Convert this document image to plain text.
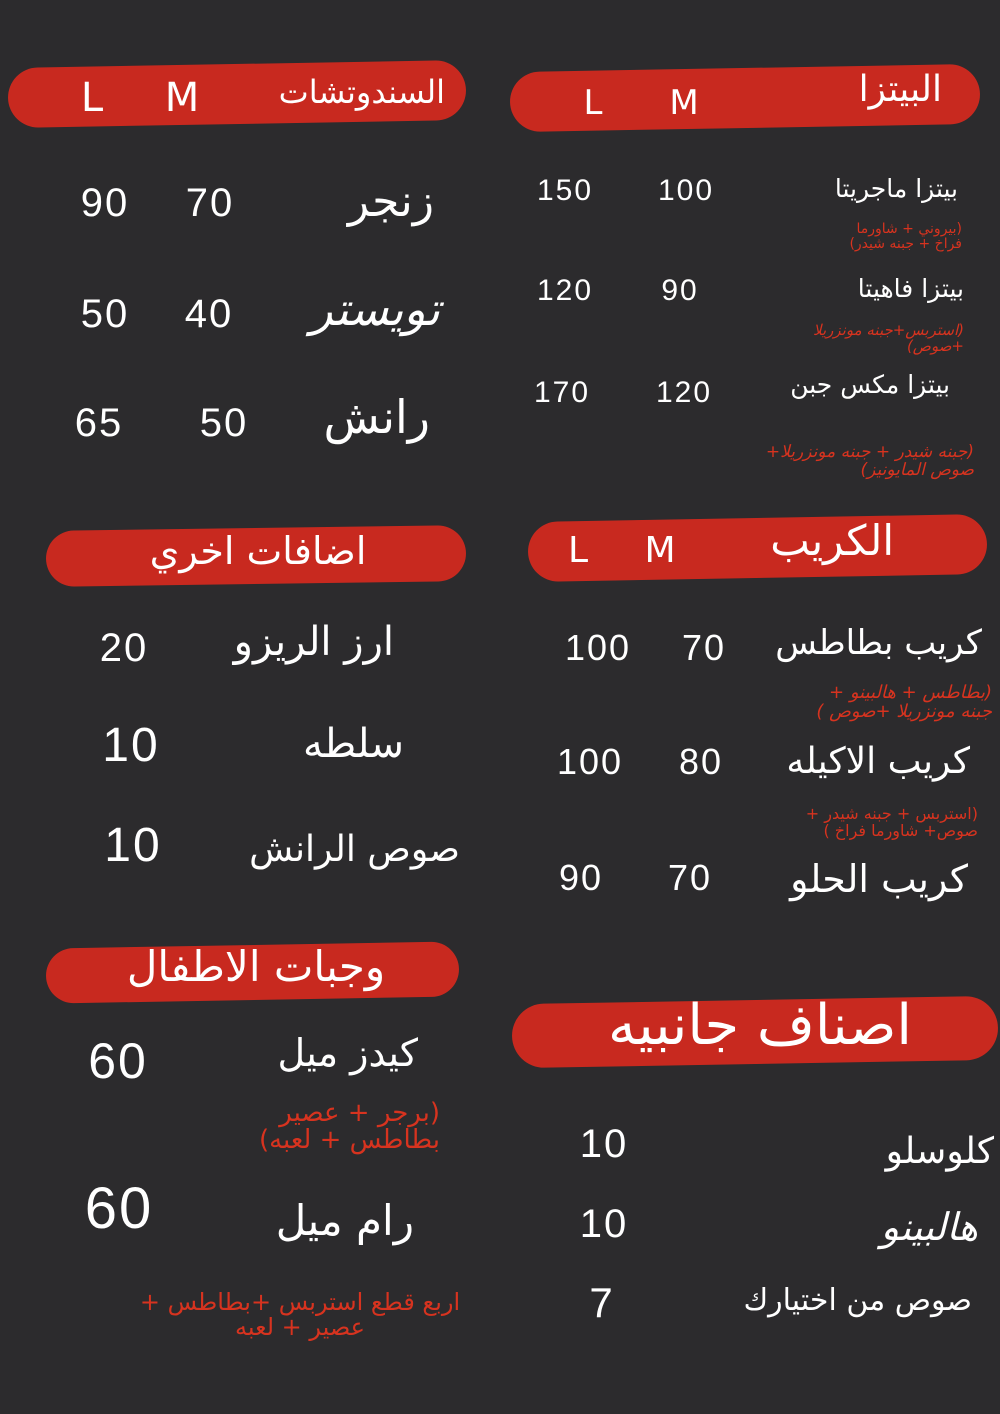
البيتزا
M
L
بيتزا ماجريتا
100
150
(بيروني + شاورما فراخ + جبنه شيدر)
بيتزا فاهيتا
90
120
(استربس+جبنه مونزريلا +صوص)
بيتزا مكس جبن
120
170
(جبنه شيدر + جبنه مونزريلا+ صوص المايونيز)
السندوتشات
M
L
زنجر
70
90
تويستر
40
50
رانش
50
65
اضافات اخري
ارز الريزو
20
سلطه
10
صوص الرانش
10
الكريب
M
L
كريب بطاطس
70
100
(بطاطس + هالبينو + جبنه مونزريلا +صوص )
كريب الاكيله
80
100
(استربس + جبنه شيدر + صوص+ شاورما فراخ )
كريب الحلو
70
90
وجبات الاطفال
كيدز ميل
60
(برجر + عصير بطاطس + لعبه)
رام ميل
60
اربع قطع استربس +بطاطس + عصير + لعبه
اصناف جانبيه
كلوسلو
10
هالبينو
10
صوص من اختيارك
7
